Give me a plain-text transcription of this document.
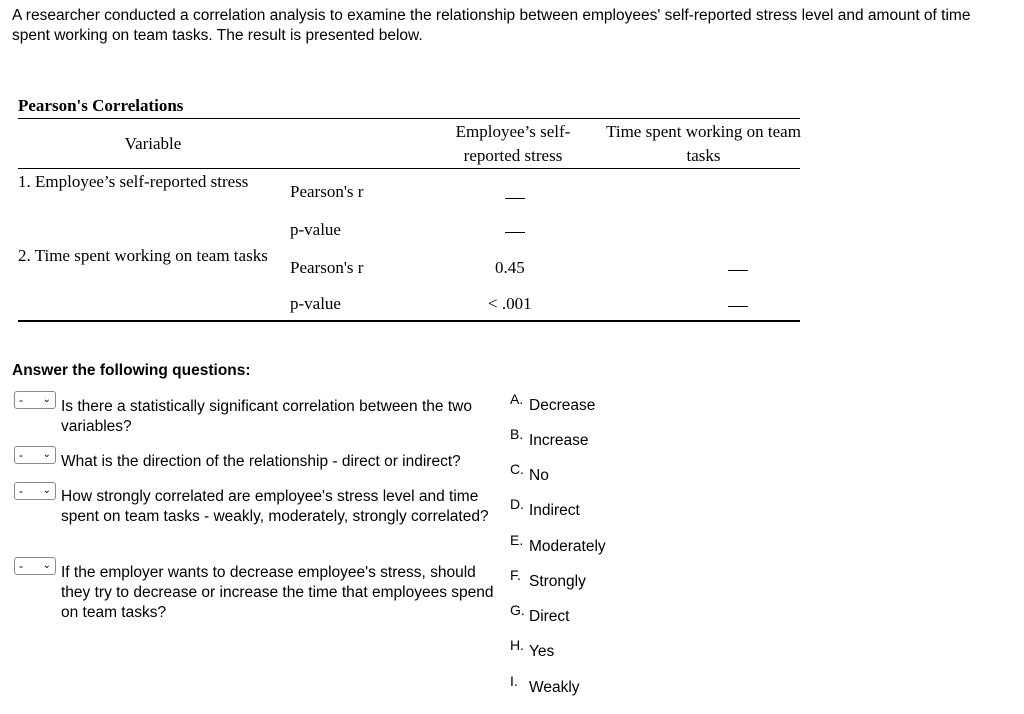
A researcher conducted a correlation analysis to examine the relationship between employees' self-reported stress level and amount of time spent working on team tasks. The result is presented below.
Pearson's Correlations
Variable
Employee’s self-reported stress
Time spent working on team tasks
1. Employee’s self-reported stress
Pearson's r
p-value
2. Time spent working on team tasks
Pearson's r	0.45
p-value	< .001
Answer the following questions:
- ⌄ Is there a statistically significant correlation between the two variables?
- ⌄ What is the direction of the relationship - direct or indirect?
- ⌄ How strongly correlated are employee's stress level and time spent on team tasks - weakly, moderately, strongly correlated?
- ⌄ If the employer wants to decrease employee's stress, should they try to decrease or increase the time that employees spend on team tasks?
A. Decrease
B. Increase
C. No
D. Indirect
E. Moderately
F. Strongly
G. Direct
H. Yes
I. Weakly
